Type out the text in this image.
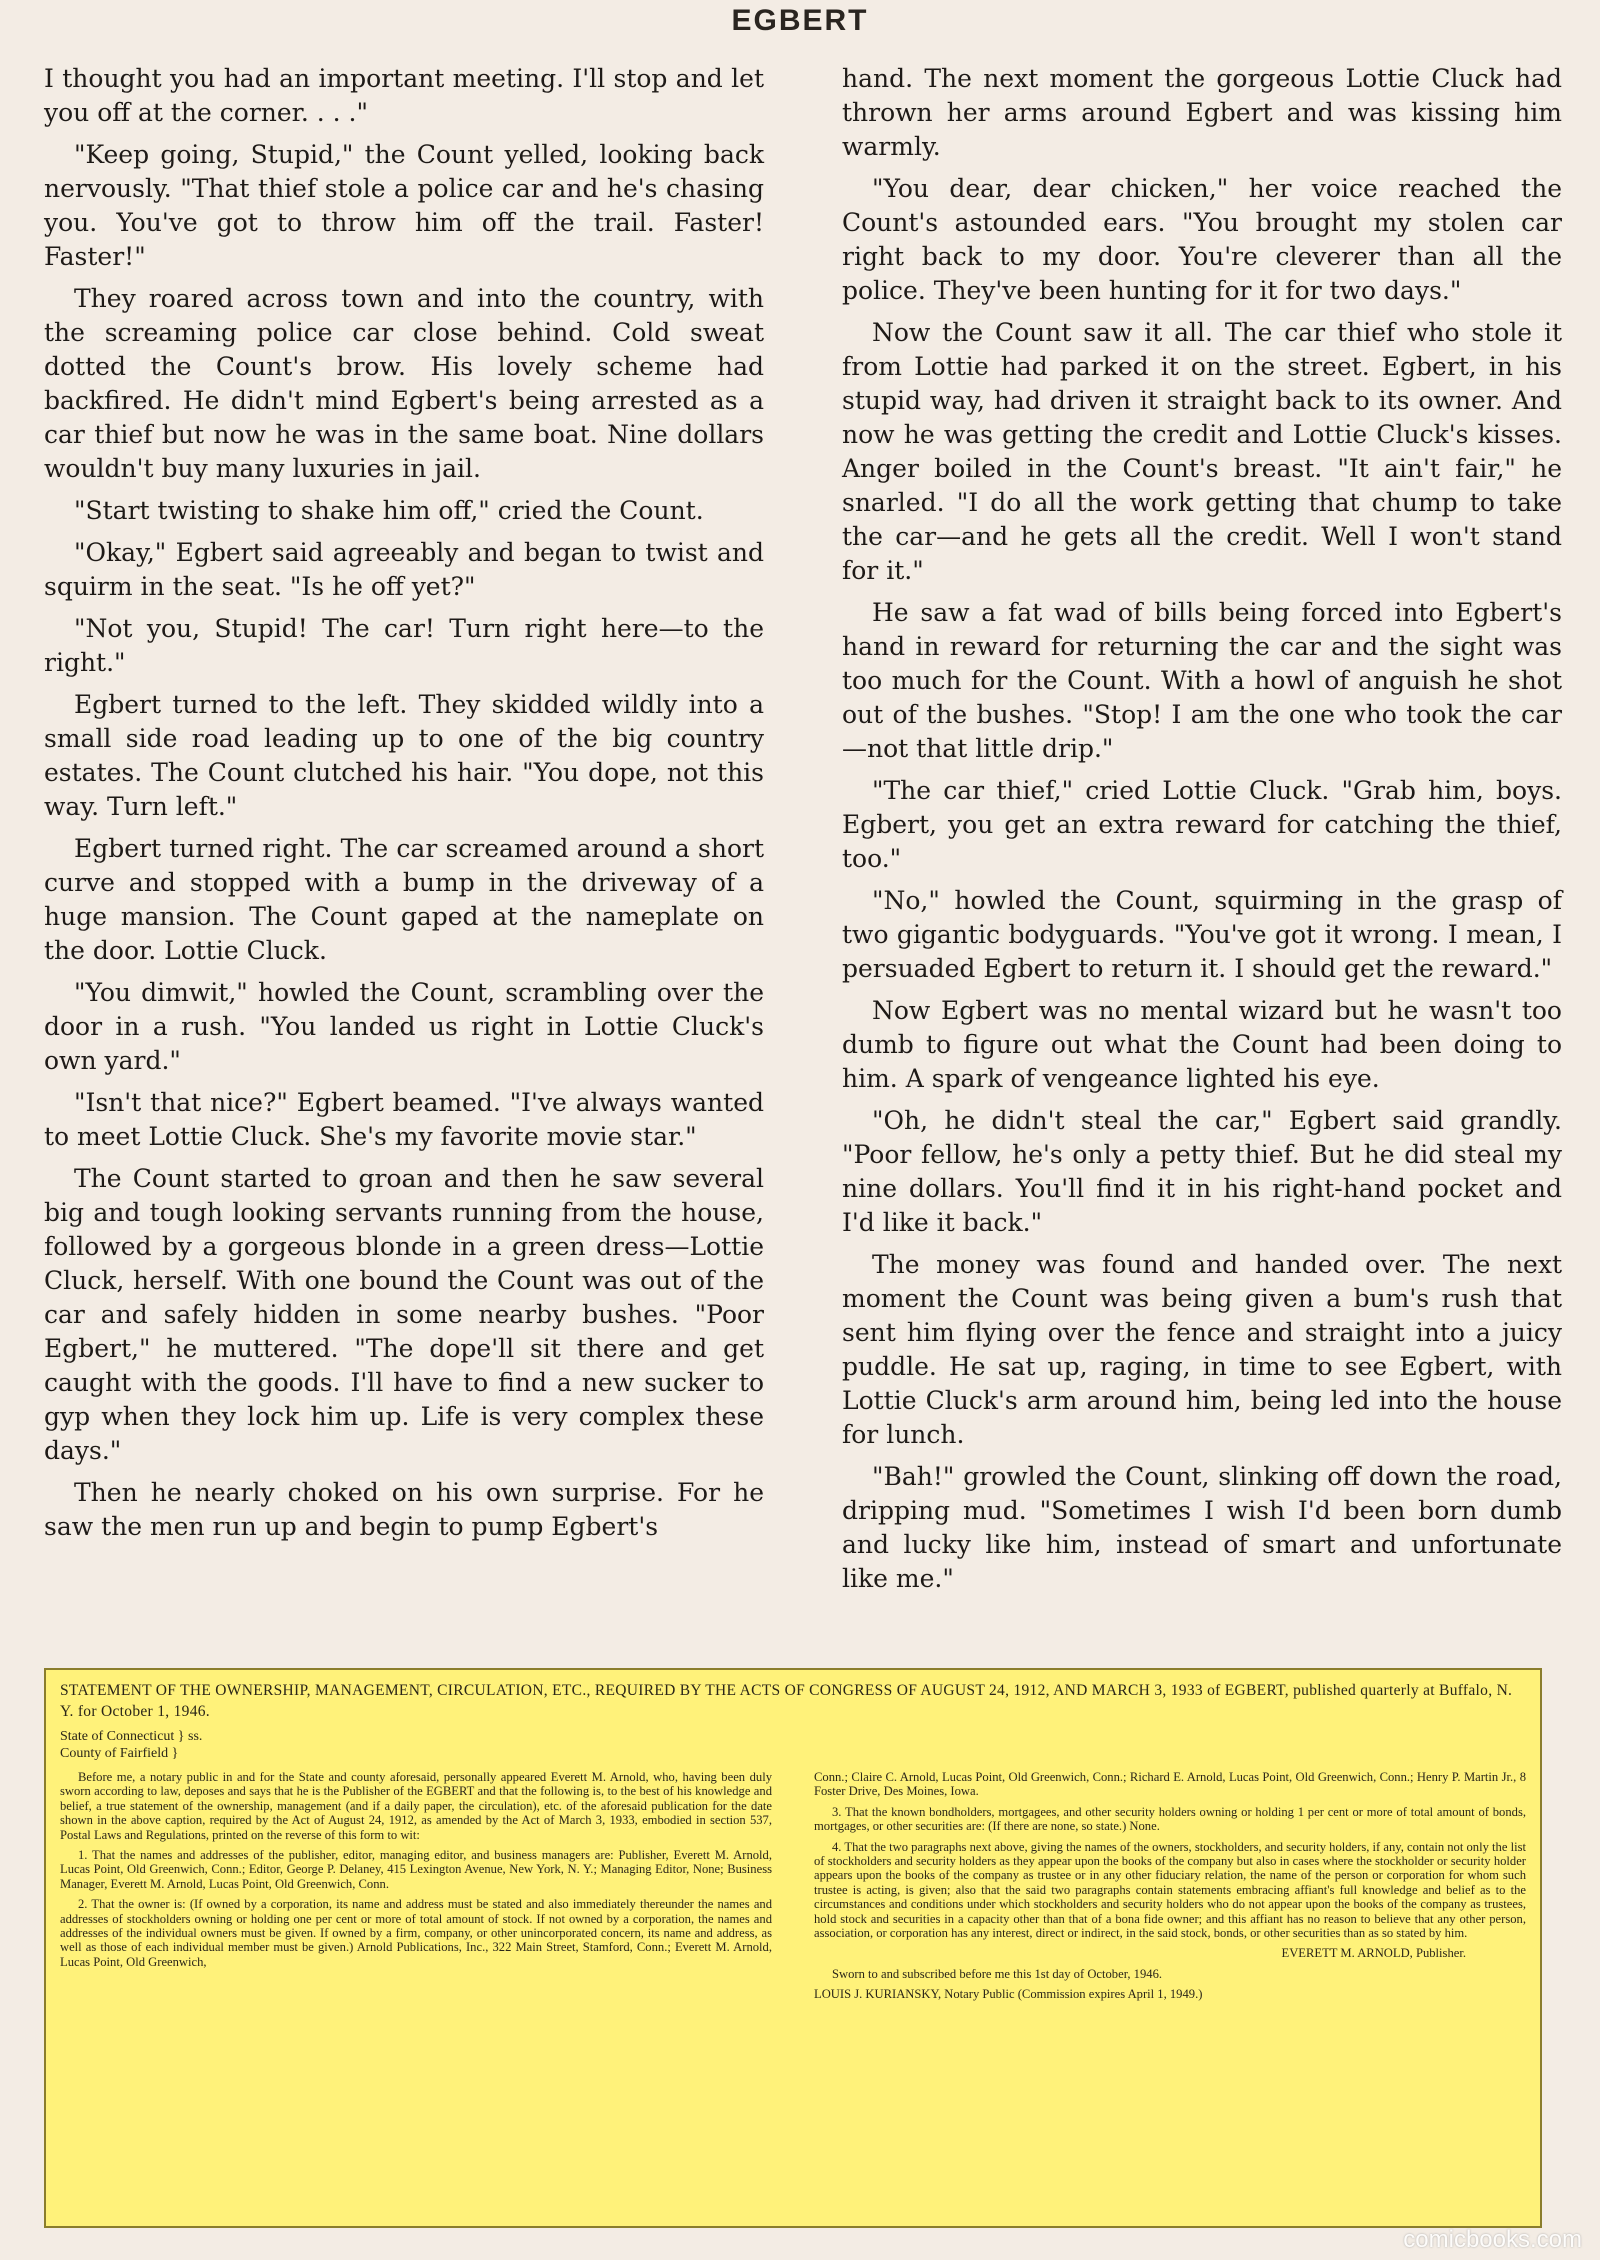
EGBERT

I thought you had an important meeting. I'll stop and let you off at the corner. . . ."

"Keep going, Stupid," the Count yelled, looking back nervously. "That thief stole a police car and he's chasing you. You've got to throw him off the trail. Faster! Faster!"

They roared across town and into the country, with the screaming police car close behind. Cold sweat dotted the Count's brow. His lovely scheme had backfired. He didn't mind Egbert's being arrested as a car thief but now he was in the same boat. Nine dollars wouldn't buy many luxuries in jail.

"Start twisting to shake him off," cried the Count.

"Okay," Egbert said agreeably and began to twist and squirm in the seat. "Is he off yet?"

"Not you, Stupid! The car! Turn right here—to the right."

Egbert turned to the left. They skidded wildly into a small side road leading up to one of the big country estates. The Count clutched his hair. "You dope, not this way. Turn left."

Egbert turned right. The car screamed around a short curve and stopped with a bump in the driveway of a huge mansion. The Count gaped at the nameplate on the door. Lottie Cluck.

"You dimwit," howled the Count, scrambling over the door in a rush. "You landed us right in Lottie Cluck's own yard."

"Isn't that nice?" Egbert beamed. "I've always wanted to meet Lottie Cluck. She's my favorite movie star."

The Count started to groan and then he saw several big and tough looking servants running from the house, followed by a gorgeous blonde in a green dress—Lottie Cluck, herself. With one bound the Count was out of the car and safely hidden in some nearby bushes. "Poor Egbert," he muttered. "The dope'll sit there and get caught with the goods. I'll have to find a new sucker to gyp when they lock him up. Life is very complex these days."

Then he nearly choked on his own surprise. For he saw the men run up and begin to pump Egbert's

hand. The next moment the gorgeous Lottie Cluck had thrown her arms around Egbert and was kissing him warmly.

"You dear, dear chicken," her voice reached the Count's astounded ears. "You brought my stolen car right back to my door. You're cleverer than all the police. They've been hunting for it for two days."

Now the Count saw it all. The car thief who stole it from Lottie had parked it on the street. Egbert, in his stupid way, had driven it straight back to its owner. And now he was getting the credit and Lottie Cluck's kisses. Anger boiled in the Count's breast. "It ain't fair," he snarled. "I do all the work getting that chump to take the car—and he gets all the credit. Well I won't stand for it."

He saw a fat wad of bills being forced into Egbert's hand in reward for returning the car and the sight was too much for the Count. With a howl of anguish he shot out of the bushes. "Stop! I am the one who took the car—not that little drip."

"The car thief," cried Lottie Cluck. "Grab him, boys. Egbert, you get an extra reward for catching the thief, too."

"No," howled the Count, squirming in the grasp of two gigantic bodyguards. "You've got it wrong. I mean, I persuaded Egbert to return it. I should get the reward."

Now Egbert was no mental wizard but he wasn't too dumb to figure out what the Count had been doing to him. A spark of vengeance lighted his eye.

"Oh, he didn't steal the car," Egbert said grandly. "Poor fellow, he's only a petty thief. But he did steal my nine dollars. You'll find it in his right-hand pocket and I'd like it back."

The money was found and handed over. The next moment the Count was being given a bum's rush that sent him flying over the fence and straight into a juicy puddle. He sat up, raging, in time to see Egbert, with Lottie Cluck's arm around him, being led into the house for lunch.

"Bah!" growled the Count, slinking off down the road, dripping mud. "Sometimes I wish I'd been born dumb and lucky like him, instead of smart and unfortunate like me."

STATEMENT OF THE OWNERSHIP, MANAGEMENT, CIRCULATION, ETC., REQUIRED BY THE ACTS OF CONGRESS OF AUGUST 24, 1912, AND MARCH 3, 1933 of EGBERT, published quarterly at Buffalo, N. Y. for October 1, 1946.

State of Connecticut } ss.
County of Fairfield }

Before me, a notary public in and for the State and county aforesaid, personally appeared Everett M. Arnold, who, having been duly sworn according to law, deposes and says that he is the Publisher of the EGBERT and that the following is, to the best of his knowledge and belief, a true statement of the ownership, management (and if a daily paper, the circulation), etc. of the aforesaid publication for the date shown in the above caption, required by the Act of August 24, 1912, as amended by the Act of March 3, 1933, embodied in section 537, Postal Laws and Regulations, printed on the reverse of this form to wit:

1. That the names and addresses of the publisher, editor, managing editor, and business managers are: Publisher, Everett M. Arnold, Lucas Point, Old Greenwich, Conn.; Editor, George P. Delaney, 415 Lexington Avenue, New York, N. Y.; Managing Editor, None; Business Manager, Everett M. Arnold, Lucas Point, Old Greenwich, Conn.

2. That the owner is: (If owned by a corporation, its name and address must be stated and also immediately thereunder the names and addresses of stockholders owning or holding one per cent or more of total amount of stock. If not owned by a corporation, the names and addresses of the individual owners must be given. If owned by a firm, company, or other unincorporated concern, its name and address, as well as those of each individual member must be given.) Arnold Publications, Inc., 322 Main Street, Stamford, Conn.; Everett M. Arnold, Lucas Point, Old Greenwich,

Conn.; Claire C. Arnold, Lucas Point, Old Greenwich, Conn.; Richard E. Arnold, Lucas Point, Old Greenwich, Conn.; Henry P. Martin Jr., 8 Foster Drive, Des Moines, Iowa.

3. That the known bondholders, mortgagees, and other security holders owning or holding 1 per cent or more of total amount of bonds, mortgages, or other securities are: (If there are none, so state.) None.

4. That the two paragraphs next above, giving the names of the owners, stockholders, and security holders, if any, contain not only the list of stockholders and security holders as they appear upon the books of the company but also in cases where the stockholder or security holder appears upon the books of the company as trustee or in any other fiduciary relation, the name of the person or corporation for whom such trustee is acting, is given; also that the said two paragraphs contain statements embracing affiant's full knowledge and belief as to the circumstances and conditions under which stockholders and security holders who do not appear upon the books of the company as trustees, hold stock and securities in a capacity other than that of a bona fide owner; and this affiant has no reason to believe that any other person, association, or corporation has any interest, direct or indirect, in the said stock, bonds, or other securities than as so stated by him.

EVERETT M. ARNOLD, Publisher.

Sworn to and subscribed before me this 1st day of October, 1946.

LOUIS J. KURIANSKY, Notary Public (Commission expires April 1, 1949.)

comicbooks.com
